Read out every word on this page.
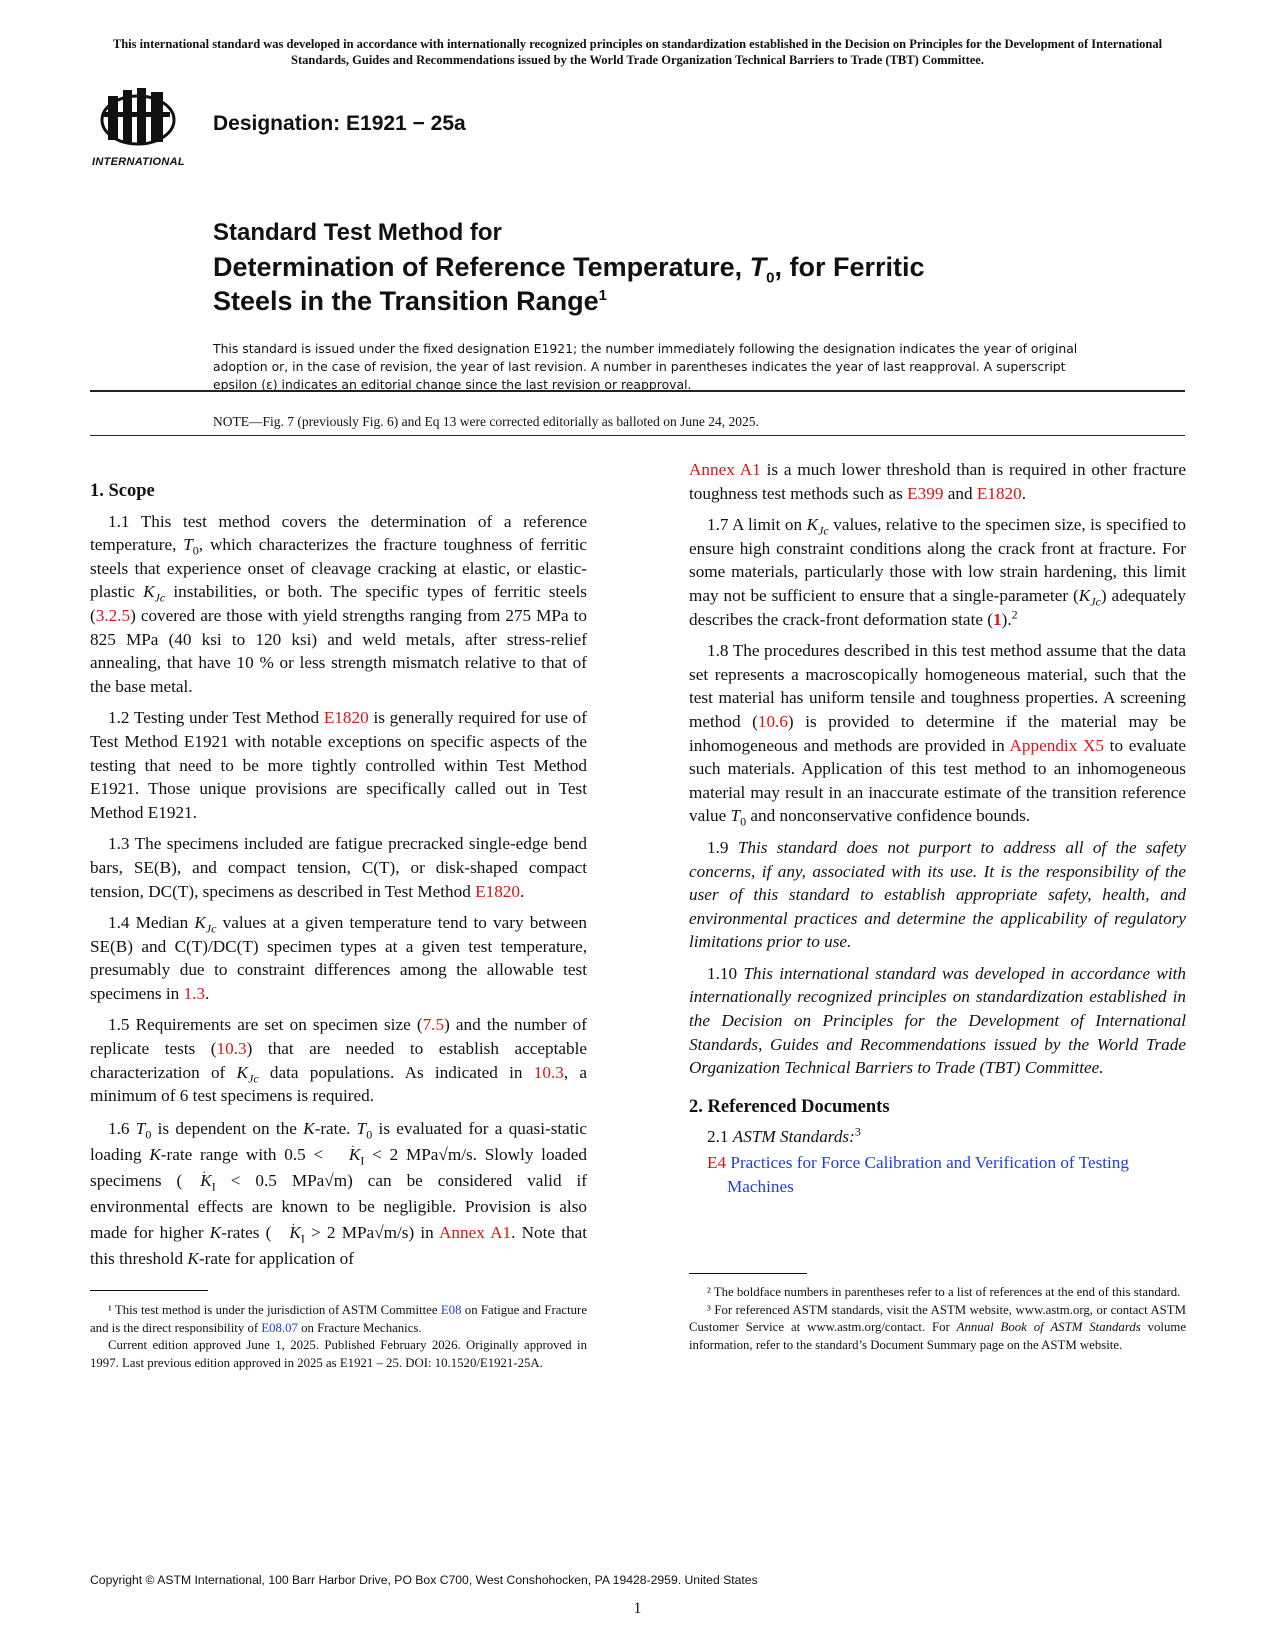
This international standard was developed in accordance with internationally recognized principles on standardization established in the Decision on Principles for the Development of International Standards, Guides and Recommendations issued by the World Trade Organization Technical Barriers to Trade (TBT) Committee.
INTERNATIONAL
Designation: E1921 − 25a
Standard Test Method for
Determination of Reference Temperature, $T_0$, for Ferritic
Steels in the Transition Range$^1$
This standard is issued under the fixed designation E1921; the number immediately following the designation indicates the year of original adoption or, in the case of revision, the year of last revision. A number in parentheses indicates the year of last reapproval. A superscript epsilon (ε) indicates an editorial change since the last revision or reapproval.
NOTE—Fig. 7 (previously Fig. 6) and Eq 13 were corrected editorially as balloted on June 24, 2025.
1. Scope

1.1 This test method covers the determination of a reference temperature, $T_0$, which characterizes the fracture toughness of ferritic steels that experience onset of cleavage cracking at elastic, or elastic-plastic $K_{Jc}$ instabilities, or both. The specific types of ferritic steels (3.2.5) covered are those with yield strengths ranging from 275 MPa to 825 MPa (40 ksi to 120 ksi) and weld metals, after stress-relief annealing, that have 10 % or less strength mismatch relative to that of the base metal.

1.2 Testing under Test Method E1820 is generally required for use of Test Method E1921 with notable exceptions on specific aspects of the testing that need to be more tightly controlled within Test Method E1921. Those unique provisions are specifically called out in Test Method E1921.

1.3 The specimens included are fatigue precracked single-edge bend bars, SE(B), and compact tension, C(T), or disk-shaped compact tension, DC(T), specimens as described in Test Method E1820.

1.4 Median $K_{Jc}$ values at a given temperature tend to vary between SE(B) and C(T)/DC(T) specimen types at a given test temperature, presumably due to constraint differences among the allowable test specimens in 1.3.

1.5 Requirements are set on specimen size (7.5) and the number of replicate tests (10.3) that are needed to establish acceptable characterization of $K_{Jc}$ data populations. As indicated in 10.3, a minimum of 6 test specimens is required.

1.6 $T_0$ is dependent on the K-rate. $T_0$ is evaluated for a quasi-static loading K-rate range with 0.5 < · $K_I < 2$ MPa√m/s. Slowly loaded specimens ( · $K_I < 0.5$ MPa√m) can be considered valid if environmental effects are known to be negligible. Provision is also made for higher K-rates ( · $K_I > 2$ MPa√m/s) in Annex A1. Note that this threshold K-rate for application of

Annex A1 is a much lower threshold than is required in other fracture toughness test methods such as E399 and E1820.

1.7 A limit on $K_{Jc}$ values, relative to the specimen size, is specified to ensure high constraint conditions along the crack front at fracture. For some materials, particularly those with low strain hardening, this limit may not be sufficient to ensure that a single-parameter $(K_{Jc})$ adequately describes the crack-front deformation state (1).$^2$

1.8 The procedures described in this test method assume that the data set represents a macroscopically homogeneous material, such that the test material has uniform tensile and toughness properties. A screening method (10.6) is provided to determine if the material may be inhomogeneous and methods are provided in Appendix X5 to evaluate such materials. Application of this test method to an inhomogeneous material may result in an inaccurate estimate of the transition reference value $T_0$ and nonconservative confidence bounds.

1.9 This standard does not purport to address all of the safety concerns, if any, associated with its use. It is the responsibility of the user of this standard to establish appropriate safety, health, and environmental practices and determine the applicability of regulatory limitations prior to use.

1.10 This international standard was developed in accordance with internationally recognized principles on standardization established in the Decision on Principles for the Development of International Standards, Guides and Recommendations issued by the World Trade Organization Technical Barriers to Trade (TBT) Committee.

2. Referenced Documents

2.1 ASTM Standards:$^3$

E4 Practices for Force Calibration and Verification of Testing Machines

¹ This test method is under the jurisdiction of ASTM Committee E08 on Fatigue and Fracture and is the direct responsibility of E08.07 on Fracture Mechanics.

Current edition approved June 1, 2025. Published February 2026. Originally approved in 1997. Last previous edition approved in 2025 as E1921 – 25. DOI: 10.1520/E1921-25A.

² The boldface numbers in parentheses refer to a list of references at the end of this standard.

³ For referenced ASTM standards, visit the ASTM website, www.astm.org, or contact ASTM Customer Service at www.astm.org/contact. For Annual Book of ASTM Standards volume information, refer to the standard’s Document Summary page on the ASTM website.

Copyright © ASTM International, 100 Barr Harbor Drive, PO Box C700, West Conshohocken, PA 19428-2959. United States
1
